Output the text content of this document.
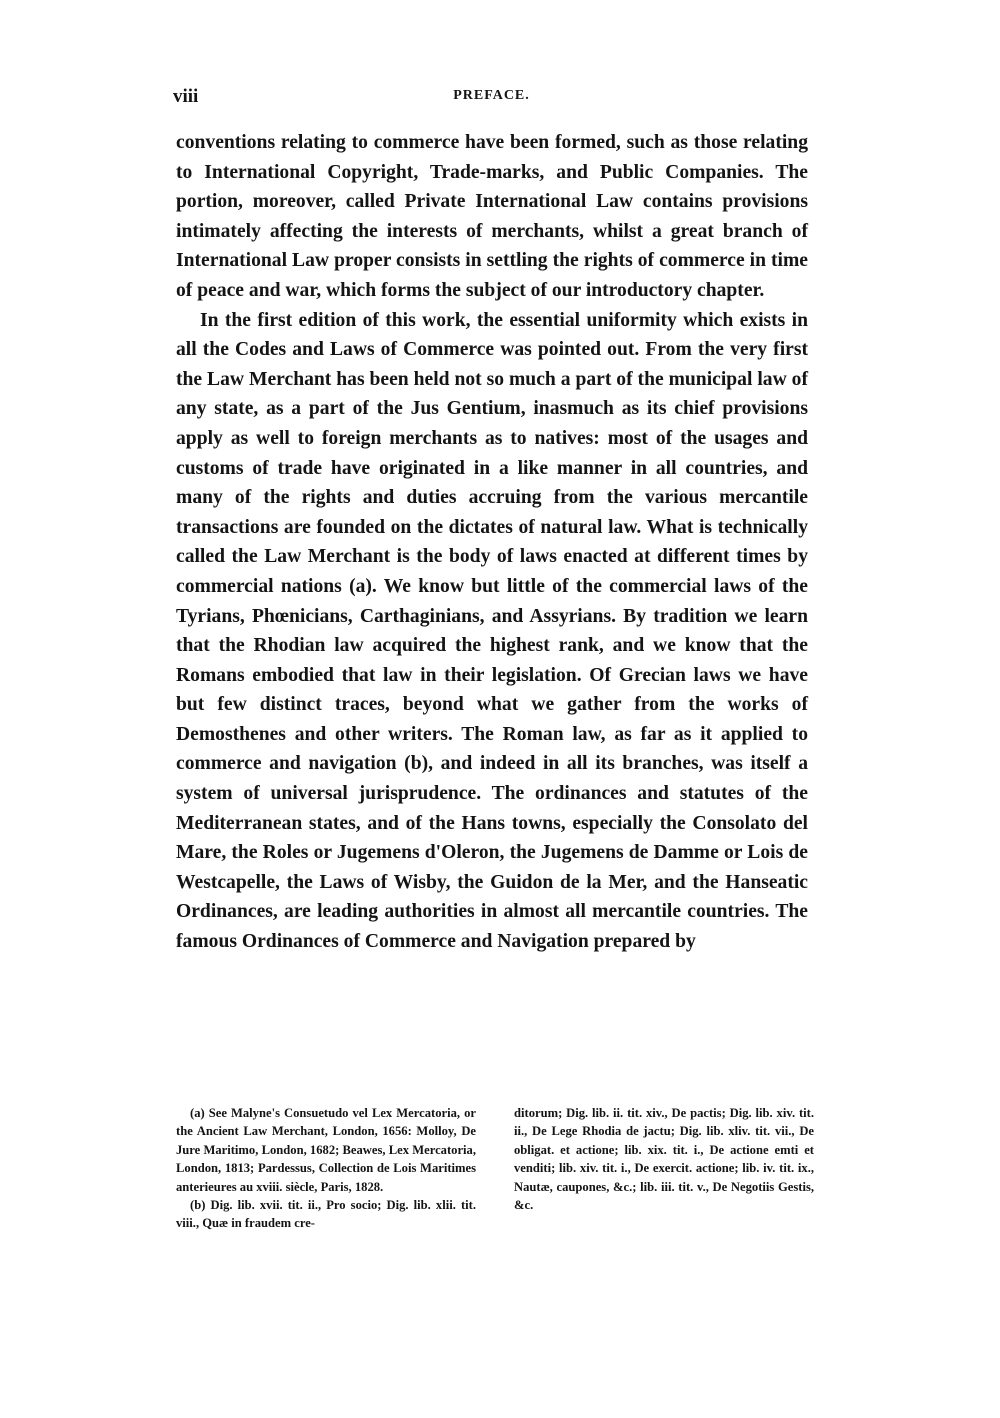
viii	PREFACE.

conventions relating to commerce have been formed, such as those relating to International Copyright, Trade-marks, and Public Companies. The portion, moreover, called Private International Law contains provisions intimately affecting the interests of merchants, whilst a great branch of International Law proper consists in settling the rights of commerce in time of peace and war, which forms the subject of our introductory chapter.

In the first edition of this work, the essential uniformity which exists in all the Codes and Laws of Commerce was pointed out. From the very first the Law Merchant has been held not so much a part of the municipal law of any state, as a part of the Jus Gentium, inasmuch as its chief provisions apply as well to foreign merchants as to natives: most of the usages and customs of trade have originated in a like manner in all countries, and many of the rights and duties accruing from the various mercantile transactions are founded on the dictates of natural law. What is technically called the Law Merchant is the body of laws enacted at different times by commercial nations (a). We know but little of the commercial laws of the Tyrians, Phœnicians, Carthaginians, and Assyrians. By tradition we learn that the Rhodian law acquired the highest rank, and we know that the Romans embodied that law in their legislation. Of Grecian laws we have but few distinct traces, beyond what we gather from the works of Demosthenes and other writers. The Roman law, as far as it applied to commerce and navigation (b), and indeed in all its branches, was itself a system of universal jurisprudence. The ordinances and statutes of the Mediterranean states, and of the Hans towns, especially the Consolato del Mare, the Roles or Jugemens d'Oleron, the Jugemens de Damme or Lois de Westcapelle, the Laws of Wisby, the Guidon de la Mer, and the Hanseatic Ordinances, are leading authorities in almost all mercantile countries. The famous Ordinances of Commerce and Navigation prepared by

(a) See Malyne's Consuetudo vel Lex Mercatoria, or the Ancient Law Merchant, London, 1656: Molloy, De Jure Maritimo, London, 1682; Beawes, Lex Mercatoria, London, 1813; Pardessus, Collection de Lois Maritimes anterieures au xviii. siècle, Paris, 1828.

(b) Dig. lib. xvii. tit. ii., Pro socio; Dig. lib. xlii. tit. viii., Quæ in fraudem cre-

ditorum; Dig. lib. ii. tit. xiv., De pactis; Dig. lib. xiv. tit. ii., De Lege Rhodia de jactu; Dig. lib. xliv. tit. vii., De obligat. et actione; lib. xix. tit. i., De actione emti et venditi; lib. xiv. tit. i., De exercit. actione; lib. iv. tit. ix., Nautæ, caupones, &c.; lib. iii. tit. v., De Negotiis Gestis, &c.
